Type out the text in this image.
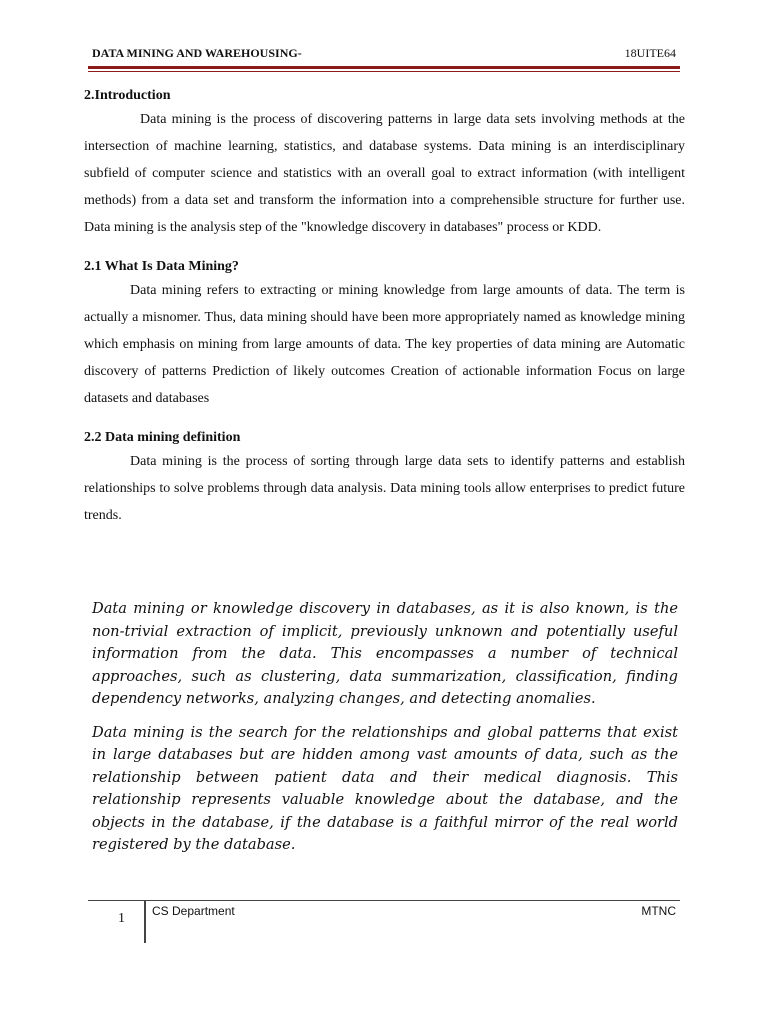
DATA MINING AND WAREHOUSING-	18UITE64
2.Introduction

Data mining is the process of discovering patterns in large data sets involving methods at the intersection of machine learning, statistics, and database systems. Data mining is an interdisciplinary subfield of computer science and statistics with an overall goal to extract information (with intelligent methods) from a data set and transform the information into a comprehensible structure for further use. Data mining is the analysis step of the "knowledge discovery in databases" process or KDD.

2.1 What Is Data Mining?

Data mining refers to extracting or mining knowledge from large amounts of data. The term is actually a misnomer. Thus, data mining should have been more appropriately named as knowledge mining which emphasis on mining from large amounts of data. The key properties of data mining are Automatic discovery of patterns Prediction of likely outcomes Creation of actionable information Focus on large datasets and databases

2.2 Data mining definition

Data mining is the process of sorting through large data sets to identify patterns and establish relationships to solve problems through data analysis. Data mining tools allow enterprises to predict future trends.

Data mining or knowledge discovery in databases, as it is also known, is the non-trivial extraction of implicit, previously unknown and potentially useful information from the data. This encompasses a number of technical approaches, such as clustering, data summarization, classification, finding dependency networks, analyzing changes, and detecting anomalies.

Data mining is the search for the relationships and global patterns that exist in large databases but are hidden among vast amounts of data, such as the relationship between patient data and their medical diagnosis. This relationship represents valuable knowledge about the database, and the objects in the database, if the database is a faithful mirror of the real world registered by the database.

1 CS Department	MTNC
